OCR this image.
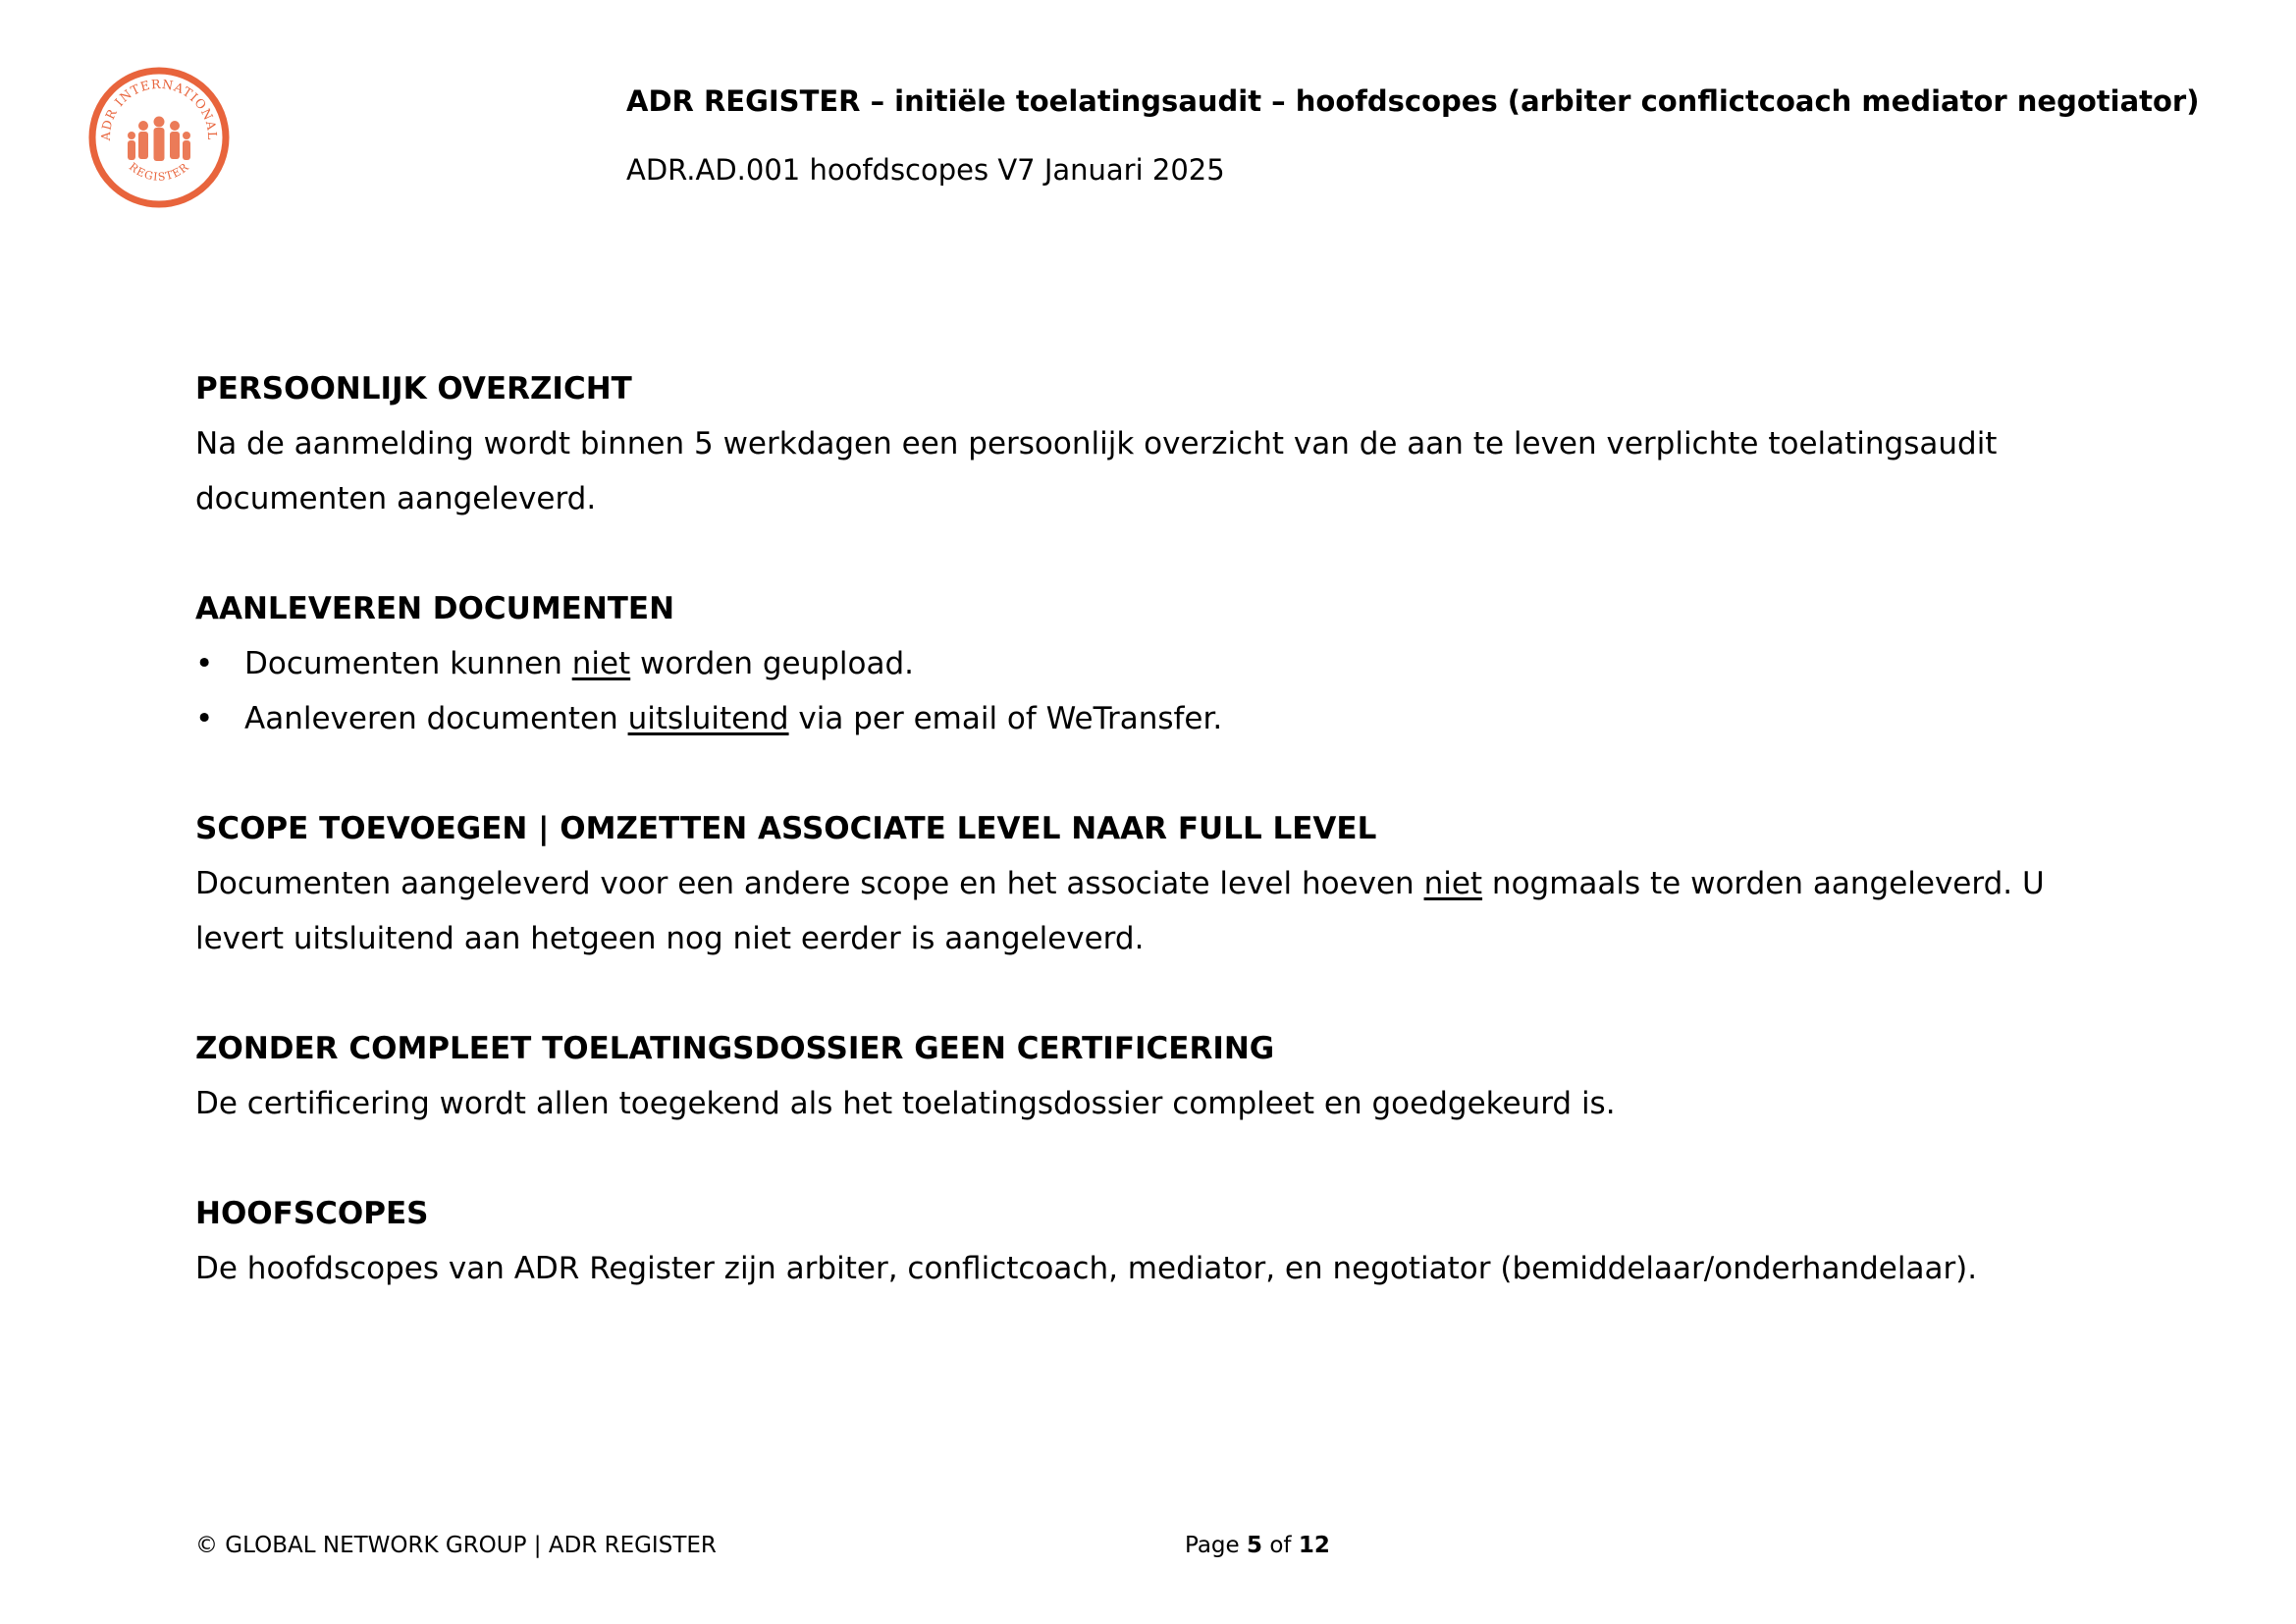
ADR INTERNATIONAL
REGISTER
ADR REGISTER – initiële toelatingsaudit – hoofdscopes (arbiter conflictcoach mediator negotiator)
ADR.AD.001 hoofdscopes V7 Januari 2025
PERSOONLIJK OVERZICHT

Na de aanmelding wordt binnen 5 werkdagen een persoonlijk overzicht van de aan te leven verplichte toelatingsaudit documenten aangeleverd.

AANLEVEREN DOCUMENTEN
• Documenten kunnen niet worden geupload.
• Aanleveren documenten uitsluitend via per email of WeTransfer.
SCOPE TOEVOEGEN | OMZETTEN ASSOCIATE LEVEL NAAR FULL LEVEL

Documenten aangeleverd voor een andere scope en het associate level hoeven niet nogmaals te worden aangeleverd. U levert uitsluitend aan hetgeen nog niet eerder is aangeleverd.

ZONDER COMPLEET TOELATINGSDOSSIER GEEN CERTIFICERING

De certificering wordt allen toegekend als het toelatingsdossier compleet en goedgekeurd is.

HOOFSCOPES

De hoofdscopes van ADR Register zijn arbiter, conflictcoach, mediator, en negotiator (bemiddelaar/onderhandelaar).

© GLOBAL NETWORK GROUP | ADR REGISTER	Page 5 of 12
